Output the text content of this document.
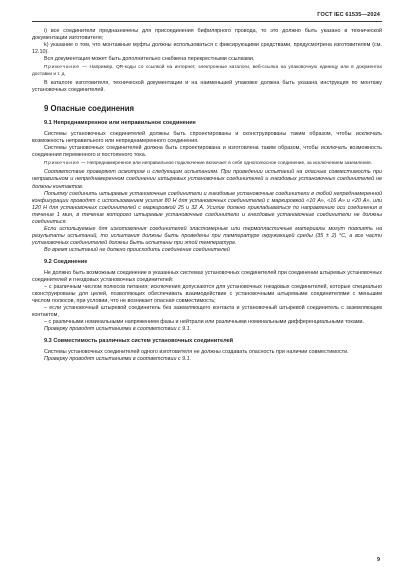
ГОСТ IEC 61535—2024

i) все соединители предназначены для присоединения бифилярного провода, то это должно быть указано в технической документации изготовителя;

k) указание о том, что монтажные муфты должны использоваться с фиксирующими средствами, предусмотрена изготовителем (см. 12.10).

Вся документация может быть дополнительно снабжена перекрестными ссылками.

Примечание — Например, QR-коды со ссылкой на интернет, электронные каталоги, веб-ссылка на упаковочную единицу или в документах доставки и т. д.

В каталоге изготовителя, технической документации и на наименьшей упаковке должна быть указана инструкция по монтажу установочных соединителей.

9 Опасные соединения
9.1 Непреднамеренное или неправильное соединение

Системы установочных соединителей должны быть спроектированы и сконструированы таким образом, чтобы исключать возможность неправильного или непреднамеренного соединения.

Системы установочных соединителей должна быть спроектирована и изготовлена таким образом, чтобы исключать возможность соединения переменного и постоянного тока.

Примечание — Непреднамеренное или неправильное подключение включает в себя однополюсное соединение, за исключением заземления.

Соответствие проверяют осмотром и следующим испытаниям. При проведении испытаний на опасные совместимость при неправильном и непреднамеренном соединении штыревых установочных соединителей и гнездовых установочных соединителей не должны контактов.

Попытку соединить штыревые установочные соединители и гнездовые установочные соединители в любой непреднамеренной конфигурации проводят с использованием усилия 80 Н для установочных соединителей с маркировкой «10 А», «16 А» и «20 А», или 120 Н для установочных соединителей с маркировкой 25 и 32 А. Усилие должно прикладываться по направлению оси соединения в течение 1 мин, в течение которого штыревые установочные соединители и гнездовые установочные соединители не должны соединиться.

Если используемые для изготовления соединителей эластомерные или термопластичные материалы могут повлиять на результаты испытаний, то испытания должны быть проведены при температуре окружающей среды (35 ± 2) °С, а все части установочных соединителей должны быть испытаны при этой температуре.

Во время испытаний не должно происходить соединение соединителей

9.2 Соединение

Не должно быть возможным соединение в указанных системах установочных соединителей при соединении штыревых установочных соединителей и гнездовых установочных соединителей:

– с различным числом полюсов питания; исключения допускаются для установочных гнездовых соединителей, которые специально сконструированы для целей, позволяющих обеспечивать взаимодействие с установочными штыревыми соединителями с меньшим числом полюсов, при условии, что не возникает опасная совместимость;

– если установочный штыревой соединитель без заземляющего контакта и установочный штыревой соединитель с заземляющим контактом,

– с различными номинальными напряжением фазы и нейтрали или различными номинальными дифференциальными токами.

Проверку проводят испытаниями в соответствии с 9.1.

9.3 Совместимость различных систем установочных соединителей

Системы установочных соединителей одного изготовителя не должны создавать опасность при наличии совместимости.

Проверку проводят испытаниями в соответствии с 9.1.

9
